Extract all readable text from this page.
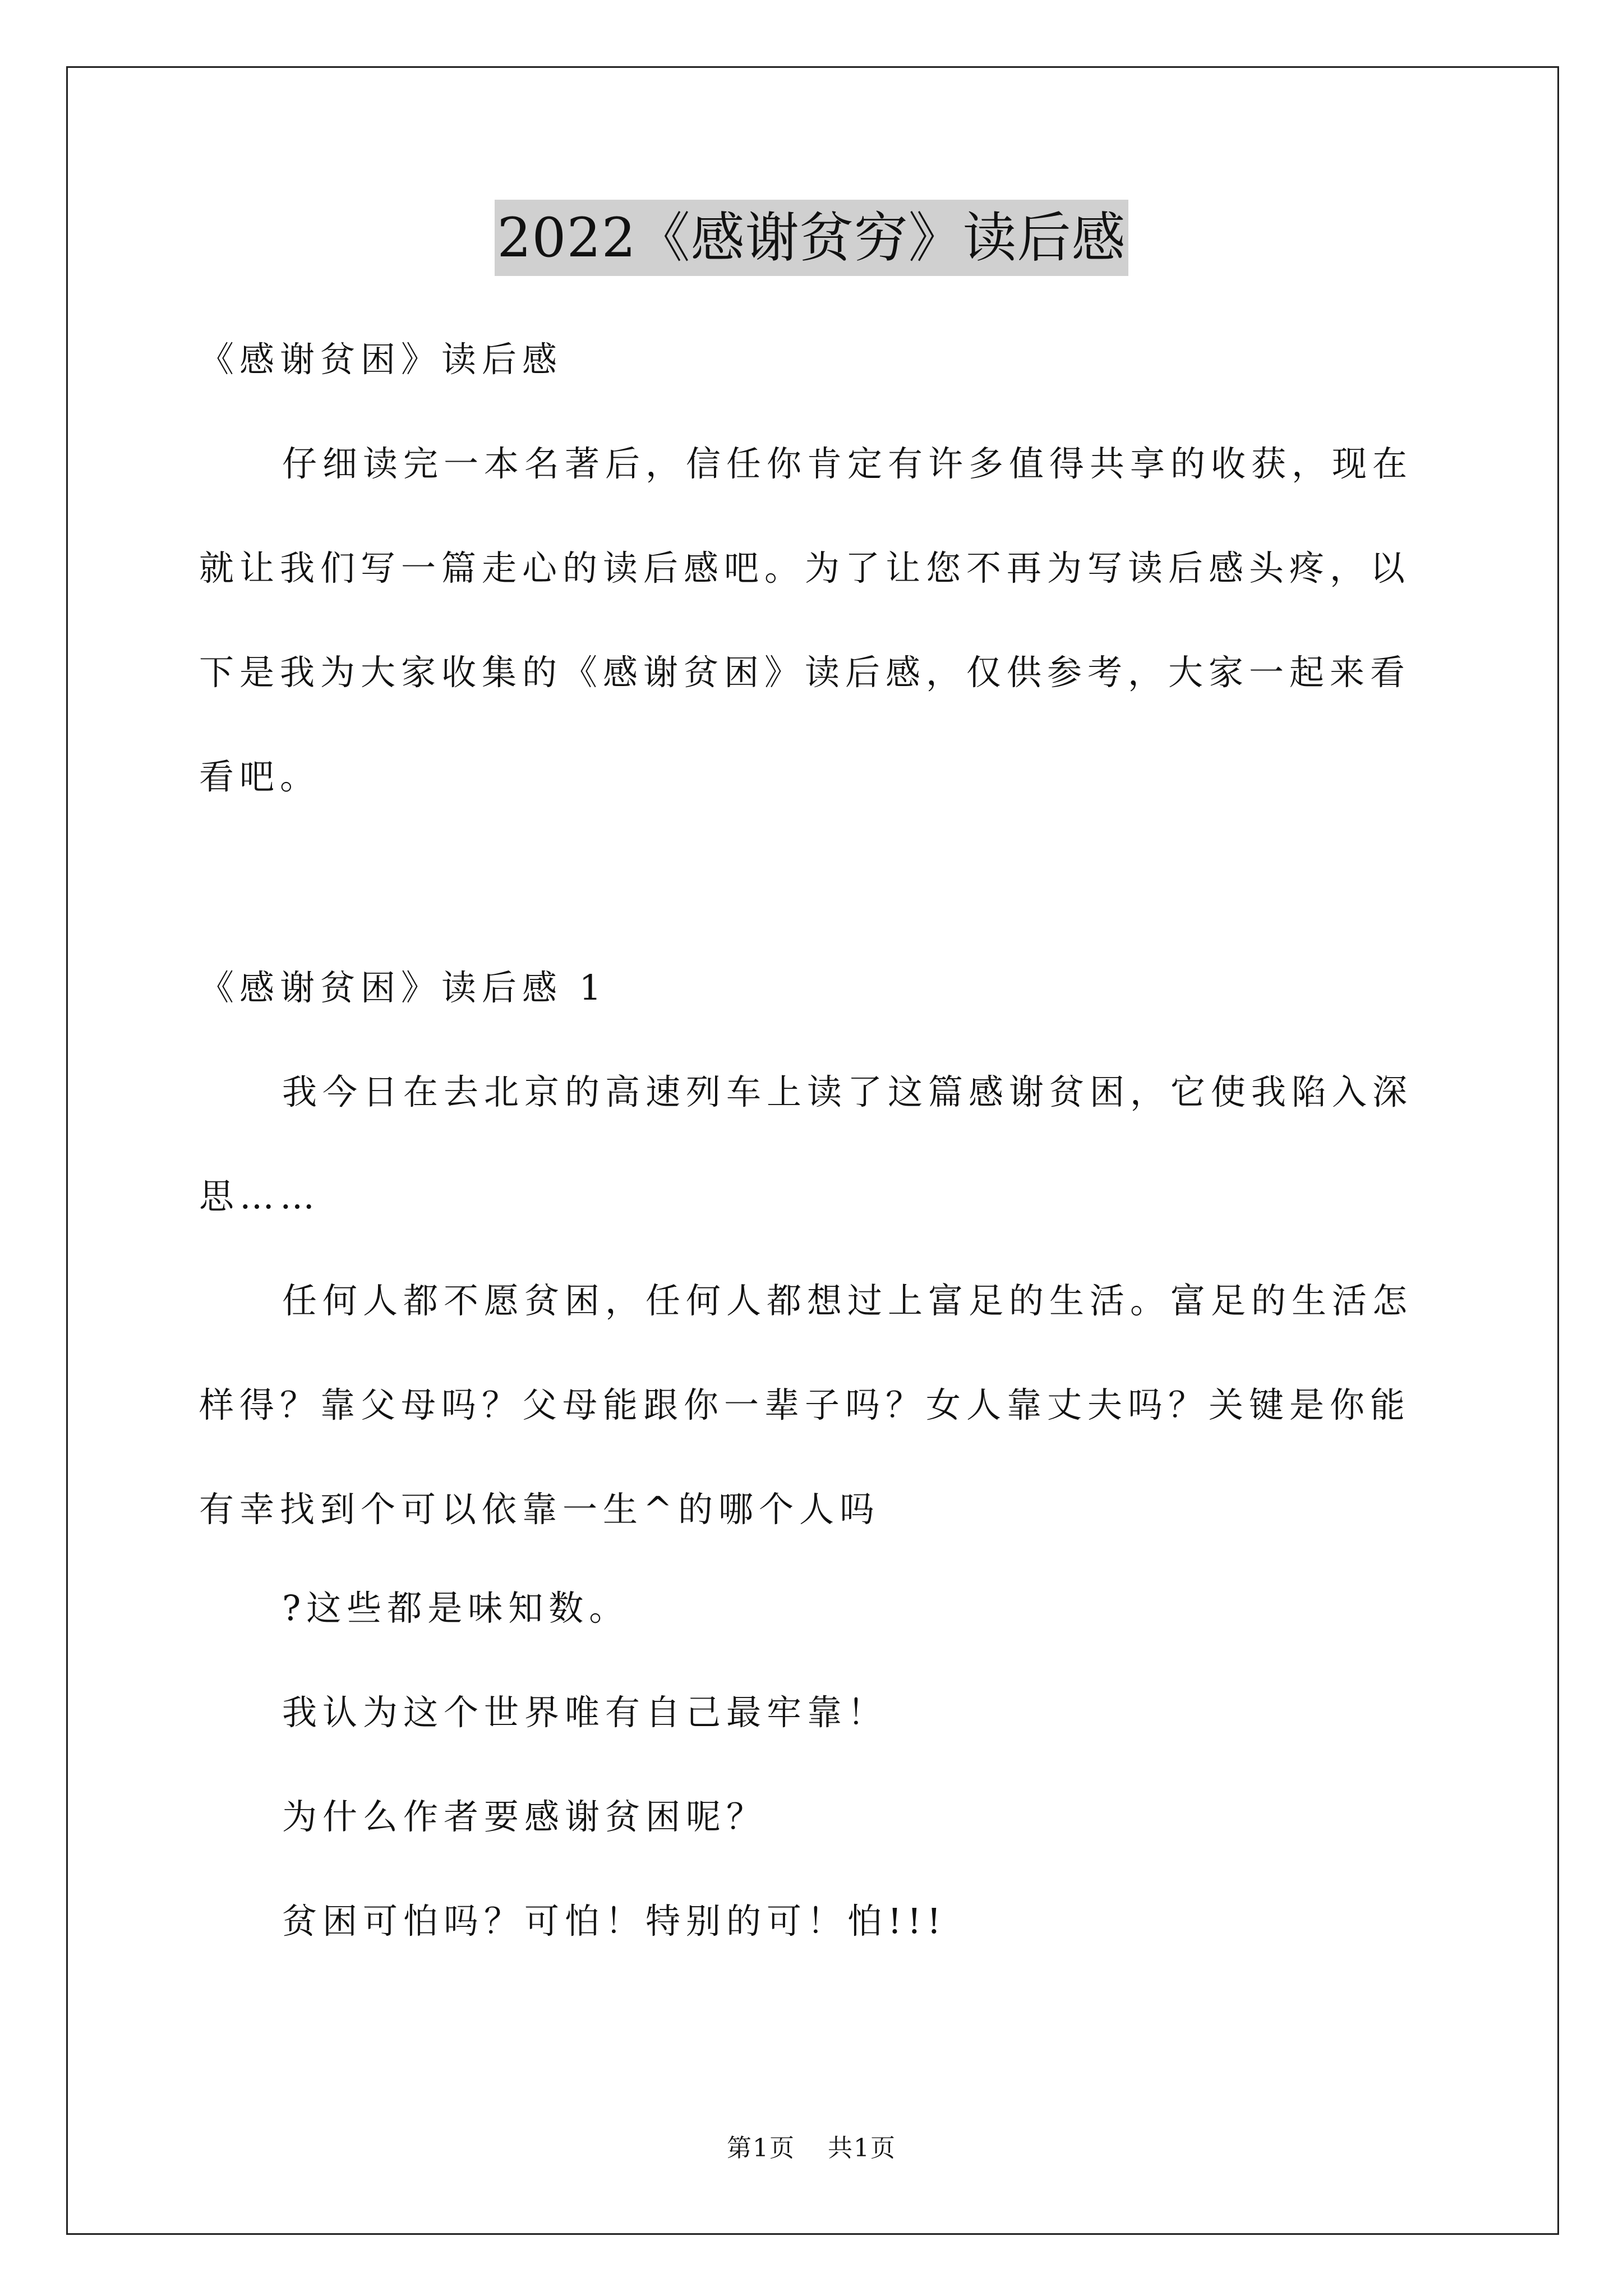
2022《感谢贫穷》读后感

《感谢贫困》读后感

仔细读完一本名著后，信任你肯定有许多值得共享的收获，现在就让我们写一篇走心的读后感吧。为了让您不再为写读后感头疼，以下是我为大家收集的《感谢贫困》读后感，仅供参考，大家一起来看看吧。

《感谢贫困》读后感 1

我今日在去北京的高速列车上读了这篇感谢贫困，它使我陷入深思……

任何人都不愿贫困，任何人都想过上富足的生活。富足的生活怎样得？靠父母吗？父母能跟你一辈子吗？女人靠丈夫吗？关键是你能有幸找到个可以依靠一生^的哪个人吗

?这些都是味知数。

我认为这个世界唯有自己最牢靠！

为什么作者要感谢贫困呢？

贫困可怕吗？可怕！特别的可！怕!!!

第1页 共1页
